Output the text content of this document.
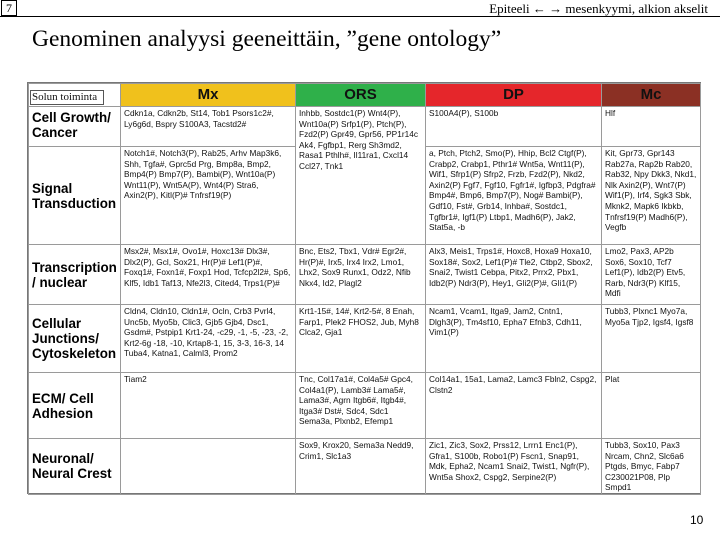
7	Epiteeli ← → mesenkyymi, alkion akselit
Genominen analyysi geeneittäin, ”gene ontology”
Solun toiminta	Mx	ORS	DP	Mc
Cell Growth/ Cancer	Cdkn1a, Cdkn2b, St14, Tob1 Psors1c2#, Ly6g6d, Bspry S100A3, Tacstd2#	Inhbb, Sostdc1(P) Wnt4(P), Wnt10a(P) Srfp1(P), Ptch(P), Fzd2(P) Gpr49, Gpr56, PP1r14c Ak4, Fgfbp1, Rerg Sh3md2, Rasa1 Pthlh#, Il11ra1, Cxcl14 Ccl27, Tnk1	S100A4(P), S100b	Hlf
Signal Transduction	Notch1#, Notch3(P), Rab25, Arhv Map3k6, Shh, Tgfa#, Gprc5d Prg, Bmp8a, Bmp2, Bmp4(P) Bmp7(P), Bambi(P), Wnt10a(P) Wnt11(P), Wnt5A(P), Wnt4(P) Stra6, Axin2(P), Kitl(P)# Tnfrsf19(P)		a, Ptch, Ptch2, Smo(P), Hhip, Bcl2 Ctgf(P), Crabp2, Crabp1, Pthr1# Wnt5a, Wnt11(P), Wif1, Sfrp1(P) Sfrp2, Frzb, Fzd2(P), Nkd2, Axin2(P) Fgf7, Fgf10, Fgfr1#, Igfbp3, Pdgfra# Bmp4#, Bmp6, Bmp7(P), Nog# Bambi(P), Gdf10, Fst#, Grb14, Inhba#, Sostdc1, Tgfbr1#, Igf1(P) Ltbp1, Madh6(P), Jak2, Stat5a, -b	Kit, Gpr73, Gpr143 Rab27a, Rap2b Rab20, Rab32, Npy Dkk3, Nkd1, Nlk Axin2(P), Wnt7(P) Wif1(P), Irf4, Sgk3 Sbk, Mknk2, Mapk6 Ikbkb, Tnfrsf19(P) Madh6(P), Vegfb
Transcription/ nuclear	Msx2#, Msx1#, Ovo1#, Hoxc13# Dlx3#, Dlx2(P), Gcl, Sox21, Hr(P)# Lef1(P)#, Foxq1#, Foxn1#, Foxp1 Hod, Tcfcp2l2#, Sp6, Klf5, Idb1 Taf13, Nfe2l3, Cited4, Trps1(P)#	Bnc, Ets2, Tbx1, Vdr# Egr2#, Hr(P)#, Irx5, Irx4 Irx2, Lmo1, Lhx2, Sox9 Runx1, Odz2, Nfib Nkx4, Id2, Plagl2	Alx3, Meis1, Trps1#, Hoxc8, Hoxa9 Hoxa10, Sox18#, Sox2, Lef1(P)# Tle2, Ctbp2, Sbox2, Snai2, Twist1 Cebpa, Pitx2, Prrx2, Pbx1, Idb2(P) Ndr3(P), Hey1, Gli2(P)#, Gli1(P)	Lmo2, Pax3, AP2b Sox6, Sox10, Tcf7 Lef1(P), Idb2(P) Etv5, Rarb, Ndr3(P) Klf15, Mdfi
Cellular Junctions/ Cytoskeleton	Cldn4, Cldn10, Cldn1#, Ocln, Crb3 Pvrl4, Unc5b, Myo5b, Clic3, Gjb5 Gjb4, Dsc1, Gsdm#, Pstpip1 Krt1-24, -c29, -1, -5, -23, -2, Krt2-6g -18, -10, Krtap8-1, 15, 3-3, 16-3, 14 Tuba4, Katna1, Calml3, Prom2	Krt1-15#, 14#, Krt2-5#, 8 Enah, Farp1, Plek2 FHOS2, Jub, Myh8 Clca2, Gja1	Ncam1, Vcam1, Itga9, Jam2, Cntn1, Dlgh3(P), Tm4sf10, Epha7 Efnb3, Cdh11, Vim1(P)	Tubb3, Plxnc1 Myo7a, Myo5a Tjp2, Igsf4, Igsf8
ECM/ Cell Adhesion	Tiam2	Tnc, Col17a1#, Col4a5# Gpc4, Col4a1(P), Lamb3# Lama5#, Lama3#, Agrn Itgb6#, Itgb4#, Itga3# Dst#, Sdc4, Sdc1 Sema3a, Plxnb2, Efemp1	Col14a1, 15a1, Lama2, Lamc3 Fbln2, Cspg2, Clstn2	Plat
Neuronal/ Neural Crest		Sox9, Krox20, Sema3a Nedd9, Crim1, Slc1a3	Zic1, Zic3, Sox2, Prss12, Lrrn1 Enc1(P), Gfra1, S100b, Robo1(P) Fscn1, Snap91, Mdk, Epha2, Ncam1 Snai2, Twist1, Ngfr(P), Wnt5a Shox2, Cspg2, Serpine2(P)	Tubb3, Sox10, Pax3 Nrcam, Chn2, Slc6a6 Ptgds, Bmyc, Fabp7 C230021P08, Plp Smpd1
10
